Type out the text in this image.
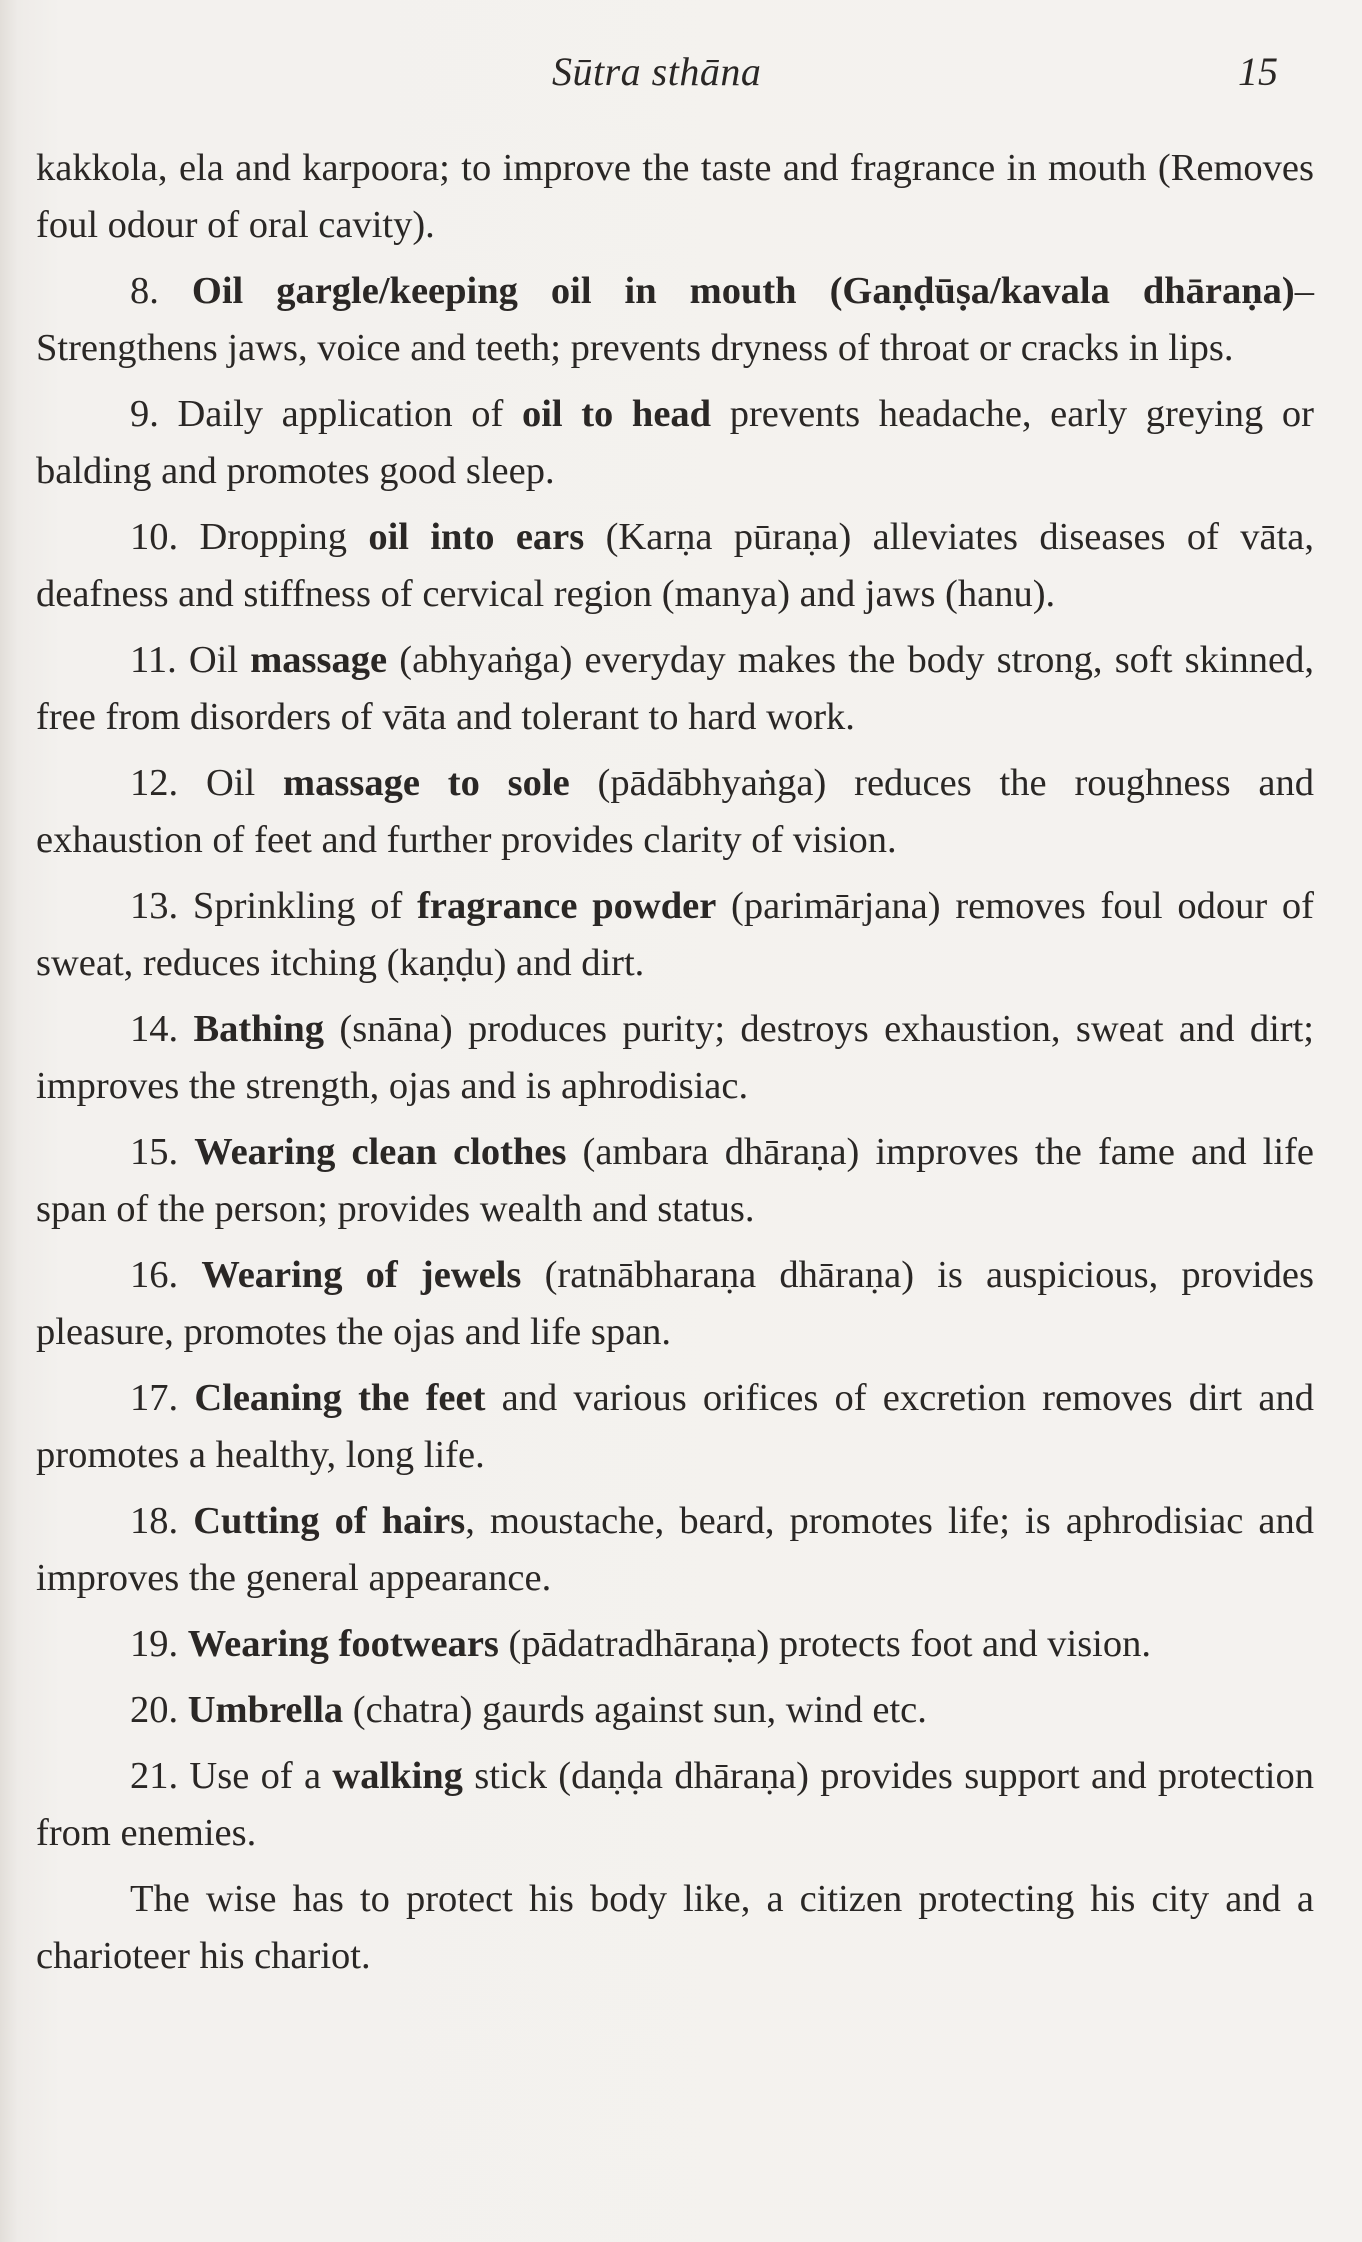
Sūtra sthāna	15

kakkola, ela and karpoora; to improve the taste and fragrance in mouth (Removes foul odour of oral cavity).

8. Oil gargle/keeping oil in mouth (Gaṇḍūṣa/kavala dhāraṇa)– Strengthens jaws, voice and teeth; prevents dryness of throat or cracks in lips.

9. Daily application of oil to head prevents headache, early greying or balding and promotes good sleep.

10. Dropping oil into ears (Karṇa pūraṇa) alleviates diseases of vāta, deafness and stiffness of cervical region (manya) and jaws (hanu).

11. Oil massage (abhyaṅga) everyday makes the body strong, soft skinned, free from disorders of vāta and tolerant to hard work.

12. Oil massage to sole (pādābhyaṅga) reduces the roughness and exhaustion of feet and further provides clarity of vision.

13. Sprinkling of fragrance powder (parimārjana) removes foul odour of sweat, reduces itching (kaṇḍu) and dirt.

14. Bathing (snāna) produces purity; destroys exhaustion, sweat and dirt; improves the strength, ojas and is aphrodisiac.

15. Wearing clean clothes (ambara dhāraṇa) improves the fame and life span of the person; provides wealth and status.

16. Wearing of jewels (ratnābharaṇa dhāraṇa) is auspicious, provides pleasure, promotes the ojas and life span.

17. Cleaning the feet and various orifices of excretion removes dirt and promotes a healthy, long life.

18. Cutting of hairs, moustache, beard, promotes life; is aphrodisiac and improves the general appearance.

19. Wearing footwears (pādatradhāraṇa) protects foot and vision.

20. Umbrella (chatra) gaurds against sun, wind etc.

21. Use of a walking stick (daṇḍa dhāraṇa) provides support and protection from enemies.

The wise has to protect his body like, a citizen protecting his city and a charioteer his chariot.
